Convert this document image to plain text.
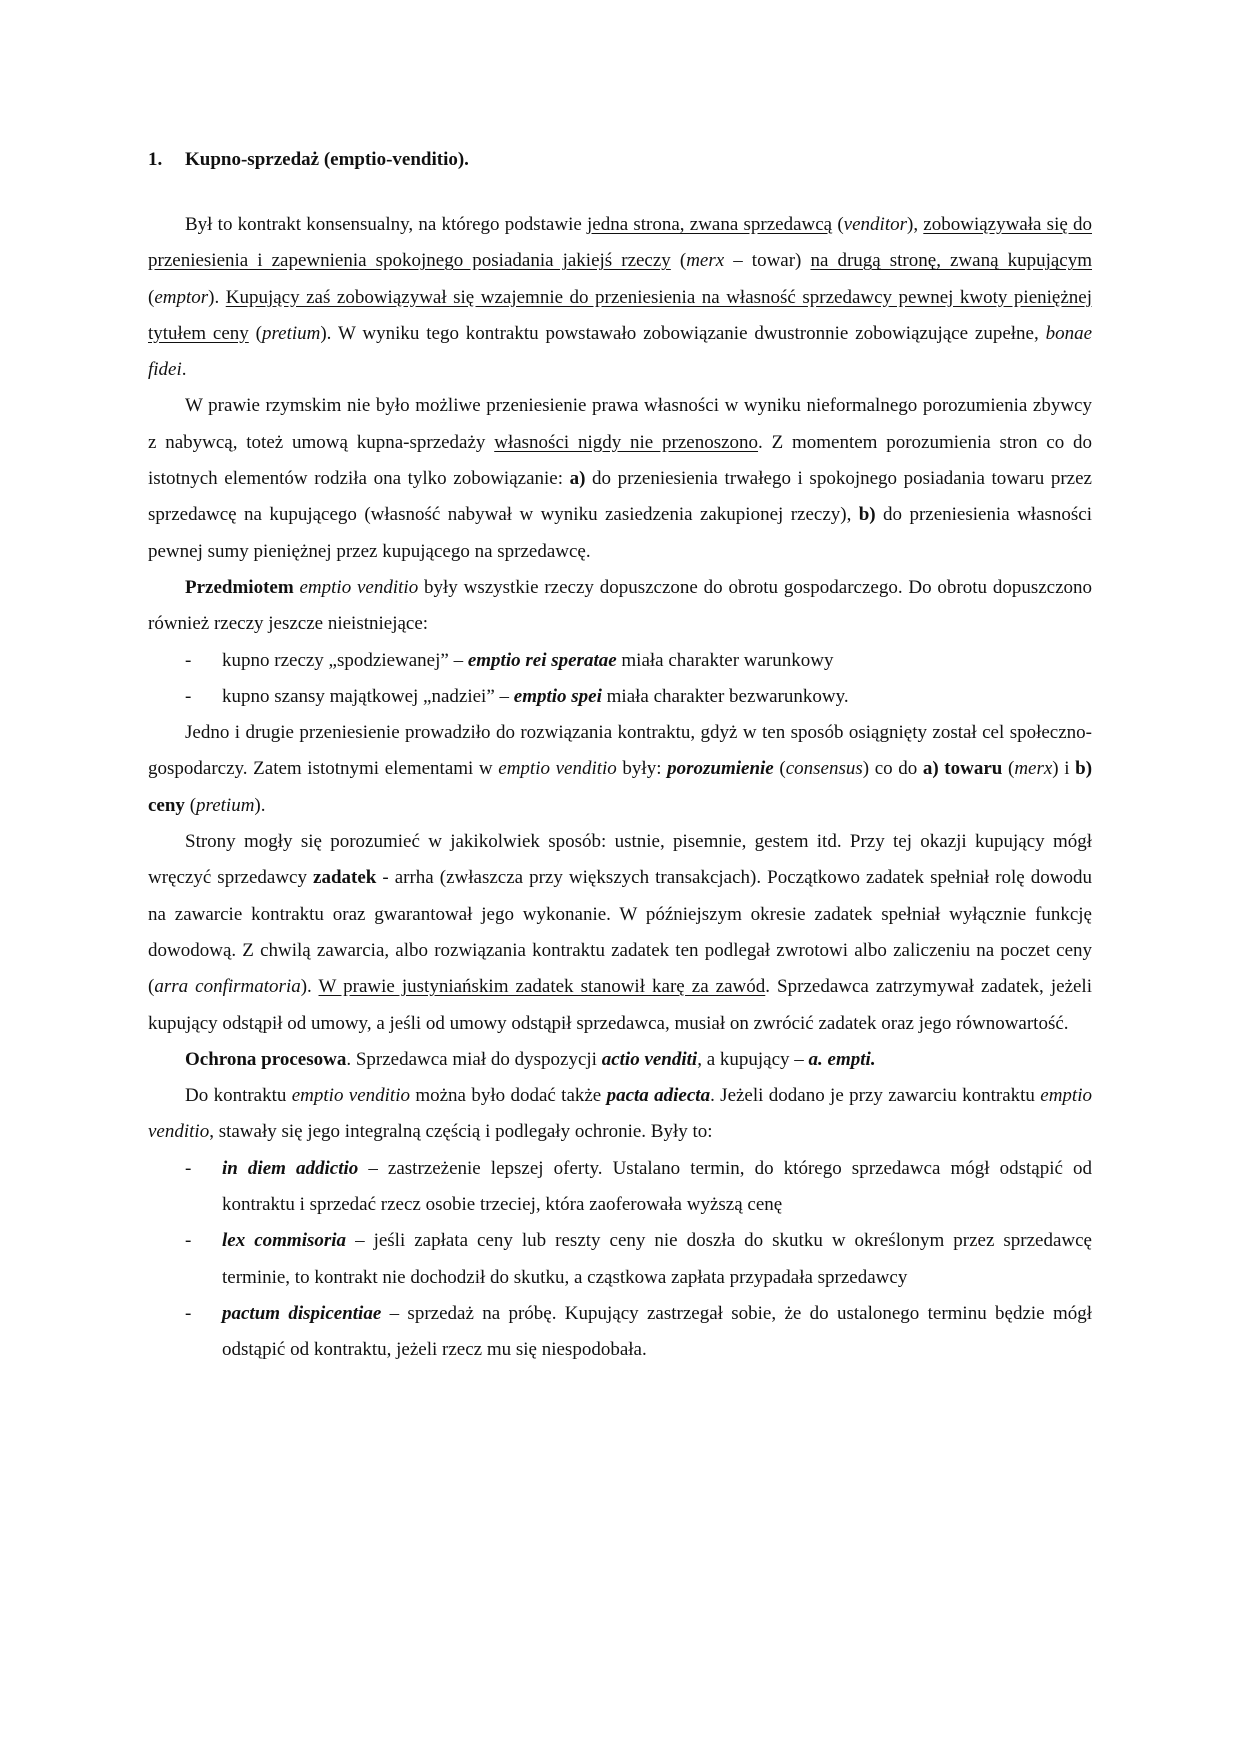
1. Kupno-sprzedaż (emptio-venditio).

Był to kontrakt konsensualny, na którego podstawie jedna strona, zwana sprzedawcą (venditor), zobowiązywała się do przeniesienia i zapewnienia spokojnego posiadania jakiejś rzeczy (merx – towar) na drugą stronę, zwaną kupującym (emptor). Kupujący zaś zobowiązywał się wzajemnie do przeniesienia na własność sprzedawcy pewnej kwoty pieniężnej tytułem ceny (pretium). W wyniku tego kontraktu powstawało zobowiązanie dwustronnie zobowiązujące zupełne, bonae fidei.

W prawie rzymskim nie było możliwe przeniesienie prawa własności w wyniku nieformalnego porozumienia zbywcy z nabywcą, toteż umową kupna-sprzedaży własności nigdy nie przenoszono. Z momentem porozumienia stron co do istotnych elementów rodziła ona tylko zobowiązanie: a) do przeniesienia trwałego i spokojnego posiadania towaru przez sprzedawcę na kupującego (własność nabywał w wyniku zasiedzenia zakupionej rzeczy), b) do przeniesienia własności pewnej sumy pieniężnej przez kupującego na sprzedawcę.

Przedmiotem emptio venditio były wszystkie rzeczy dopuszczone do obrotu gospodarczego. Do obrotu dopuszczono również rzeczy jeszcze nieistniejące:

- kupno rzeczy „spodziewanej” – emptio rei speratae miała charakter warunkowy

- kupno szansy majątkowej „nadziei” – emptio spei miała charakter bezwarunkowy.

Jedno i drugie przeniesienie prowadziło do rozwiązania kontraktu, gdyż w ten sposób osiągnięty został cel społeczno-gospodarczy. Zatem istotnymi elementami w emptio venditio były: porozumienie (consensus) co do a) towaru (merx) i b) ceny (pretium).

Strony mogły się porozumieć w jakikolwiek sposób: ustnie, pisemnie, gestem itd. Przy tej okazji kupujący mógł wręczyć sprzedawcy zadatek - arrha (zwłaszcza przy większych transakcjach). Początkowo zadatek spełniał rolę dowodu na zawarcie kontraktu oraz gwarantował jego wykonanie. W późniejszym okresie zadatek spełniał wyłącznie funkcję dowodową. Z chwilą zawarcia, albo rozwiązania kontraktu zadatek ten podlegał zwrotowi albo zaliczeniu na poczet ceny (arra confirmatoria). W prawie justyniańskim zadatek stanowił karę za zawód. Sprzedawca zatrzymywał zadatek, jeżeli kupujący odstąpił od umowy, a jeśli od umowy odstąpił sprzedawca, musiał on zwrócić zadatek oraz jego równowartość.

Ochrona procesowa. Sprzedawca miał do dyspozycji actio venditi, a kupujący – a. empti.

Do kontraktu emptio venditio można było dodać także pacta adiecta. Jeżeli dodano je przy zawarciu kontraktu emptio venditio, stawały się jego integralną częścią i podlegały ochronie. Były to:

- in diem addictio – zastrzeżenie lepszej oferty. Ustalano termin, do którego sprzedawca mógł odstąpić od kontraktu i sprzedać rzecz osobie trzeciej, która zaoferowała wyższą cenę

- lex commisoria – jeśli zapłata ceny lub reszty ceny nie doszła do skutku w określonym przez sprzedawcę terminie, to kontrakt nie dochodził do skutku, a cząstkowa zapłata przypadała sprzedawcy

- pactum dispicentiae – sprzedaż na próbę. Kupujący zastrzegał sobie, że do ustalonego terminu będzie mógł odstąpić od kontraktu, jeżeli rzecz mu się niespodobała.
